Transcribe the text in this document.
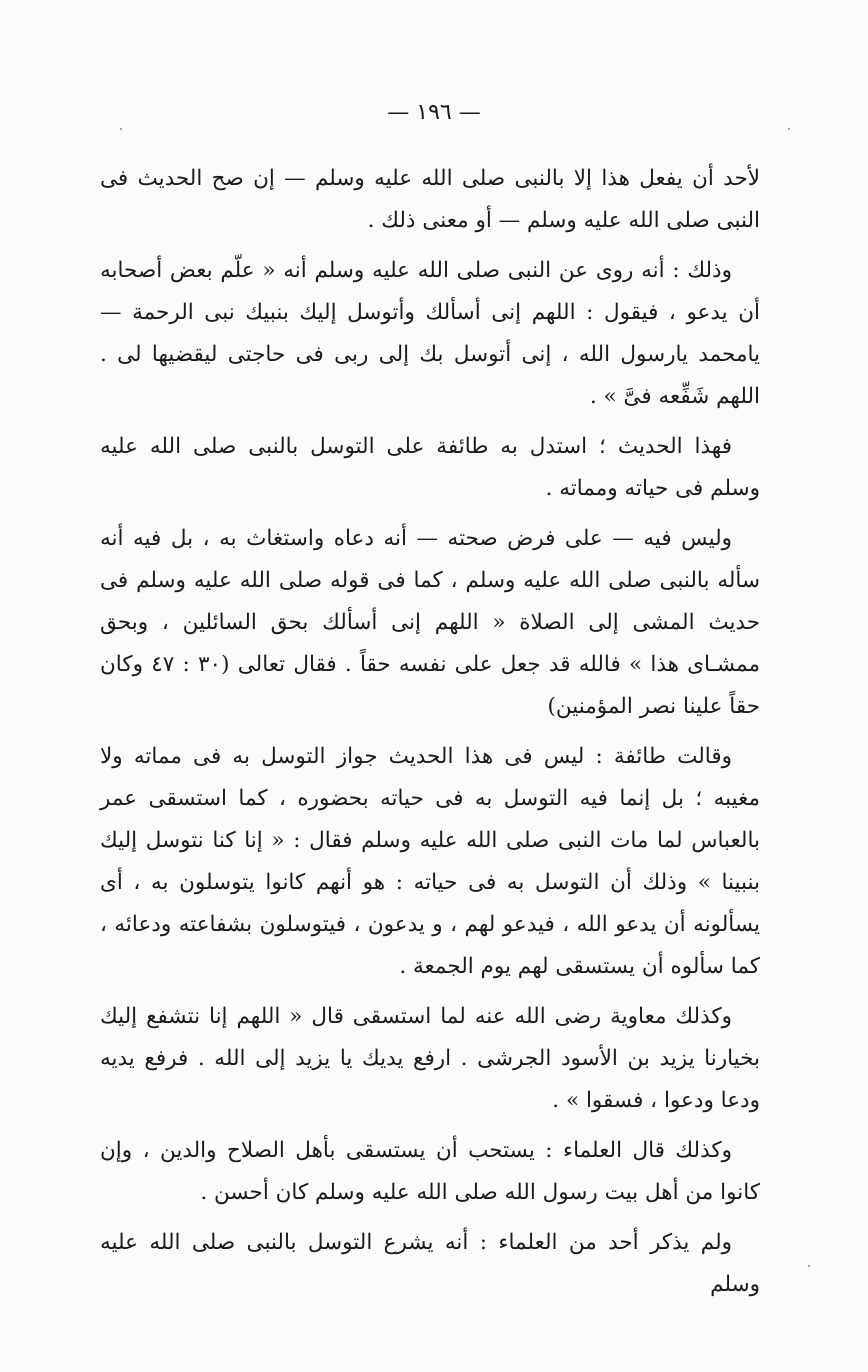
— ١٩٦ —

لأحد أن يفعل هذا إلا بالنبى صلى الله عليه وسلم — إن صح الحديث فى النبى صلى الله عليه وسلم — أو معنى ذلك .

وذلك : أنه روى عن النبى صلى الله عليه وسلم أنه « علّم بعض أصحابه أن يدعو ، فيقول : اللهم إنى أسألك وأتوسل إليك بنبيك نبى الرحمة — يامحمد يارسول الله ، إنى أتوسل بك إلى ربى فى حاجتى ليقضيها لى . اللهم شَفِّعه فىَّ » .

فهذا الحديث ؛ استدل به طائفة على التوسل بالنبى صلى الله عليه وسلم فى حياته ومماته .

وليس فيه — على فرض صحته — أنه دعاه واستغاث به ، بل فيه أنه سأله بالنبى صلى الله عليه وسلم ، كما فى قوله صلى الله عليه وسلم فى حديث المشى إلى الصلاة « اللهم إنى أسألك بحق السائلين ، وبحق ممشـاى هذا » فالله قد جعل على نفسه حقاً . فقال تعالى (٣٠ : ٤٧ وكان حقاً علينا نصر المؤمنين)

وقالت طائفة : ليس فى هذا الحديث جواز التوسل به فى مماته ولا مغيبه ؛ بل إنما فيه التوسل به فى حياته بحضوره ، كما استسقى عمر بالعباس لما مات النبى صلى الله عليه وسلم فقال : « إنا كنا نتوسل إليك بنبينا » وذلك أن التوسل به فى حياته : هو أنهم كانوا يتوسلون به ، أى يسألونه أن يدعو الله ، فيدعو لهم ، و يدعون ، فيتوسلون بشفاعته ودعائه ، كما سألوه أن يستسقى لهم يوم الجمعة .

وكذلك معاوية رضى الله عنه لما استسقى قال « اللهم إنا نتشفع إليك بخيارنا يزيد بن الأسود الجرشى . ارفع يديك يا يزيد إلى الله . فرفع يديه ودعا ودعوا ، فسقوا » .

وكذلك قال العلماء : يستحب أن يستسقى بأهل الصلاح والدين ، وإن كانوا من أهل بيت رسول الله صلى الله عليه وسلم كان أحسن .

ولم يذكر أحد من العلماء : أنه يشرع التوسل بالنبى صلى الله عليه وسلم
